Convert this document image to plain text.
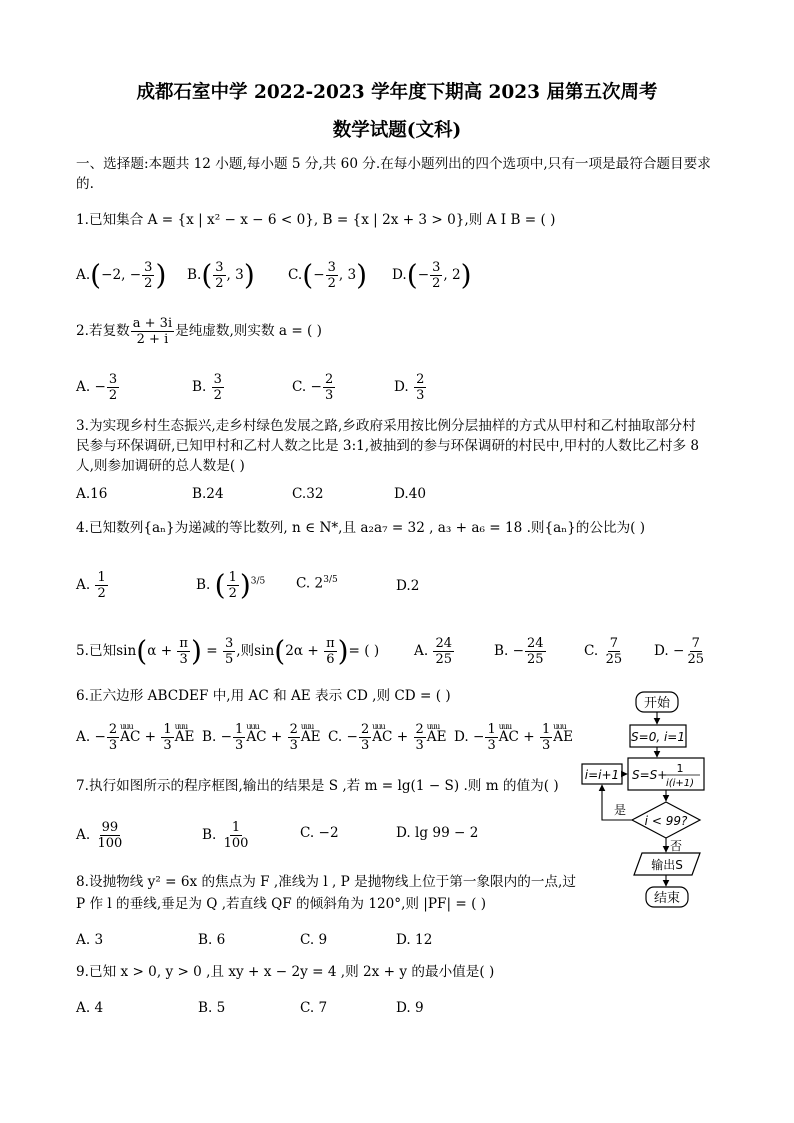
成都石室中学 2022-2023 学年度下期高 2023 届第五次周考
数学试题(文科)
一、选择题:本题共 12 小题,每小题 5 分,共 60 分.在每小题列出的四个选项中,只有一项是最符合题目要求
的.
1.已知集合 A = {x | x² − x − 6 < 0}, B = {x | 2x + 3 > 0},则 A I B = ( )
A.(−2, − $\frac{3}{2}$ ) $B.( \frac{3}{2}$ , 3) $C.(- \frac{3}{2}$ , 3) $D.(- \frac{3}{2}$ , 2)
2.若复数 $\frac{a + 3i}{2 + i}$ 是纯虚数,则实数 a = ( )
A. − $\frac{3}{2}$	B. $\frac{3}{2}$	C. − $\frac{2}{3}$	D. $\frac{2}{3}$
3.为实现乡村生态振兴,走乡村绿色发展之路,乡政府采用按比例分层抽样的方式从甲村和乙村抽取部分村
民参与环保调研,已知甲村和乙村人数之比是 3:1,被抽到的参与环保调研的村民中,甲村的人数比乙村多 8
人,则参加调研的总人数是( )
A.16	B.24	C.32	D.40
4.已知数列{aₙ}为递减的等比数列, n ∈ N*,且 a₂a₇ = 32 , a₃ + a₆ = 18 .则{aₙ}的公比为( )
A. $\frac{1}{2}$	B. ( $\frac{1}{2} )^{3/5}$ C. $2^{3/5}$	D.2
5.已知$\sin(\alpha + \frac{\pi}{3}$ ) = $\frac{3}{5}$ ,则$\sin(2\alpha + \frac{\pi}{6}$ )= ( )	A. $\frac{24}{25}$	B. − $\frac{24}{25}$	C. $\frac{7}{25} D$. − $\frac{7}{25}$
6.正六边形 ABCDEF 中,用 AC 和 AE 表示 CD ,则 CD = ( )
A. − $\frac{2}{3}$ uuu AC + $\frac{1}{3}$ uuu AE B. − $\frac{1}{3}$ uuu AC + $\frac{2}{3}$ uuu AE C. − $\frac{2}{3}$ uuu AC + $\frac{2}{3}$ uuu AE D. − $\frac{1}{3}$ uuu AC + $\frac{1}{3}$ uuu AE
7.执行如图所示的程序框图,输出的结果是 S ,若 m = lg(1 − S) .则 m 的值为( )
A. $\frac{99}{100}$	B. $\frac{1}{100}$	C. −2	D. lg 99 − 2
8.设抛物线 y² = 6x 的焦点为 F ,准线为 l , P 是抛物线上位于第一象限内的一点,过
P 作 l 的垂线,垂足为 Q ,若直线 QF 的倾斜角为 120°,则 |PF| = ( )
A. 3	B. 6	C. 9	D. 12
9.已知 x > 0, y > 0 ,且 xy + x − 2y = 4 ,则 2x + y 的最小值是( )
A. 4	B. 5	C. 7	D. 9
开始
S=0, i=1
S=S+ 1
i(i+1)
i=i+1
i < 99?
是
否
输出S
结束
